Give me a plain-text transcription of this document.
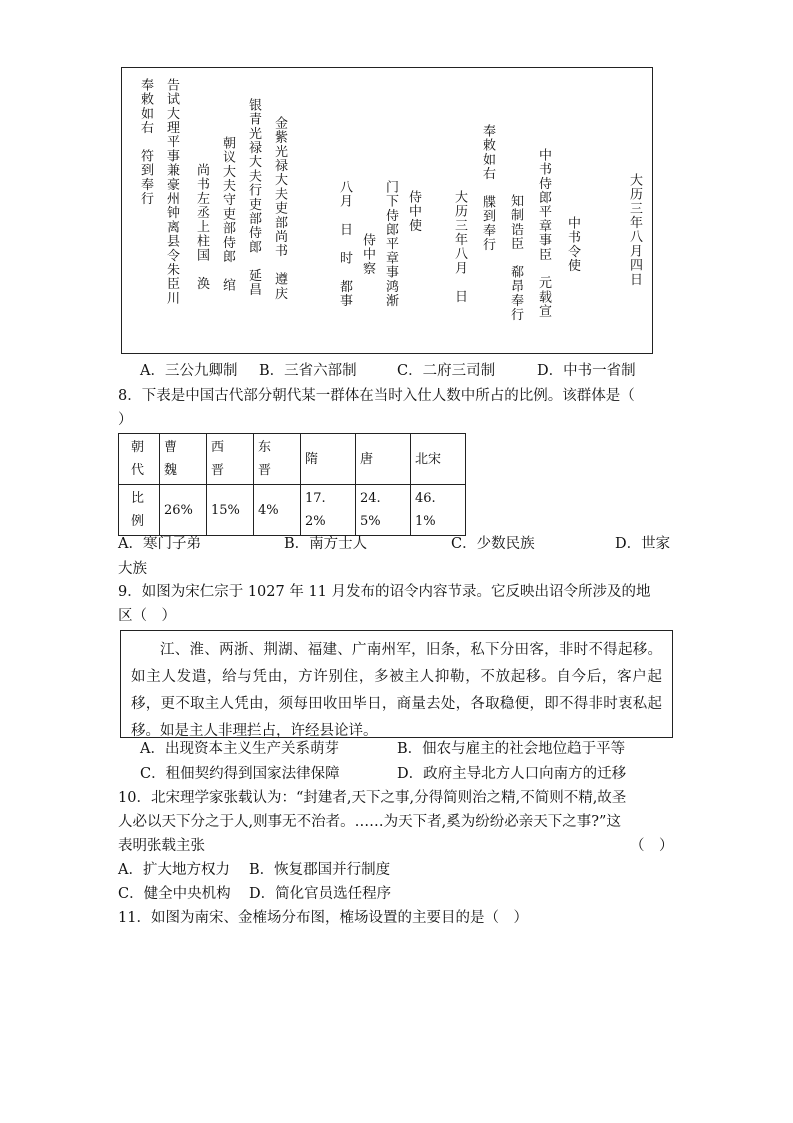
奉敕如右　符到奉行 告试大理平事兼豪州钟离县令朱臣川 尚书左丞上柱国　涣 朝议大夫守吏部侍郎　绾 银青光禄大夫行吏部侍郎　延昌 金紫光禄大夫吏部尚书　遵庆	八月　日　时　都事 侍中察 门下侍郎平章事鸿渐 侍中使 大历三年八月　日 奉敕如右　牒到奉行
知制诰臣　郗昂奉行 中书侍郎平章事臣　元载宣 中书令使	大历三年八月四日
A．三公九卿制 B．三省六部制	C．二府三司制	D．中书一省制
8．下表是中国古代部分朝代某一群体在当时入仕人数中所占的比例。该群体是（
）
朝代	曹魏	西晋	东晋	隋	唐	北宋

比例	26%	15%	4%	17.2%	24.5%	46.1%
A．寒门子弟	B．南方士人	C．少数民族	D．世家
大族
9．如图为宋仁宗于 1027 年 11 月发布的诏令内容节录。它反映出诏令所涉及的地
区（　）
江、淮、两浙、荆湖、福建、广南州军，旧条，私下分田客，非时不得起移。如主人发遣，给与凭由，方许别住，多被主人抑勒，不放起移。自今后，客户起移，更不取主人凭由，须每田收田毕日，商量去处，各取稳便，即不得非时衷私起移。如是主人非理拦占，许经县论详。
A．出现资本主义生产关系萌芽	B．佃农与雇主的社会地位趋于平等
C．租佃契约得到国家法律保障	D．政府主导北方人口向南方的迁移
10．北宋理学家张载认为：“封建者,天下之事,分得简则治之精,不简则不精,故圣
人必以天下分之于人,则事无不治者。……为天下者,奚为纷纷必亲天下之事?”这
表明张载主张	（　）
A．扩大地方权力 B．恢复郡国并行制度
C．健全中央机构 D．简化官员选任程序
11．如图为南宋、金榷场分布图，榷场设置的主要目的是（　）
